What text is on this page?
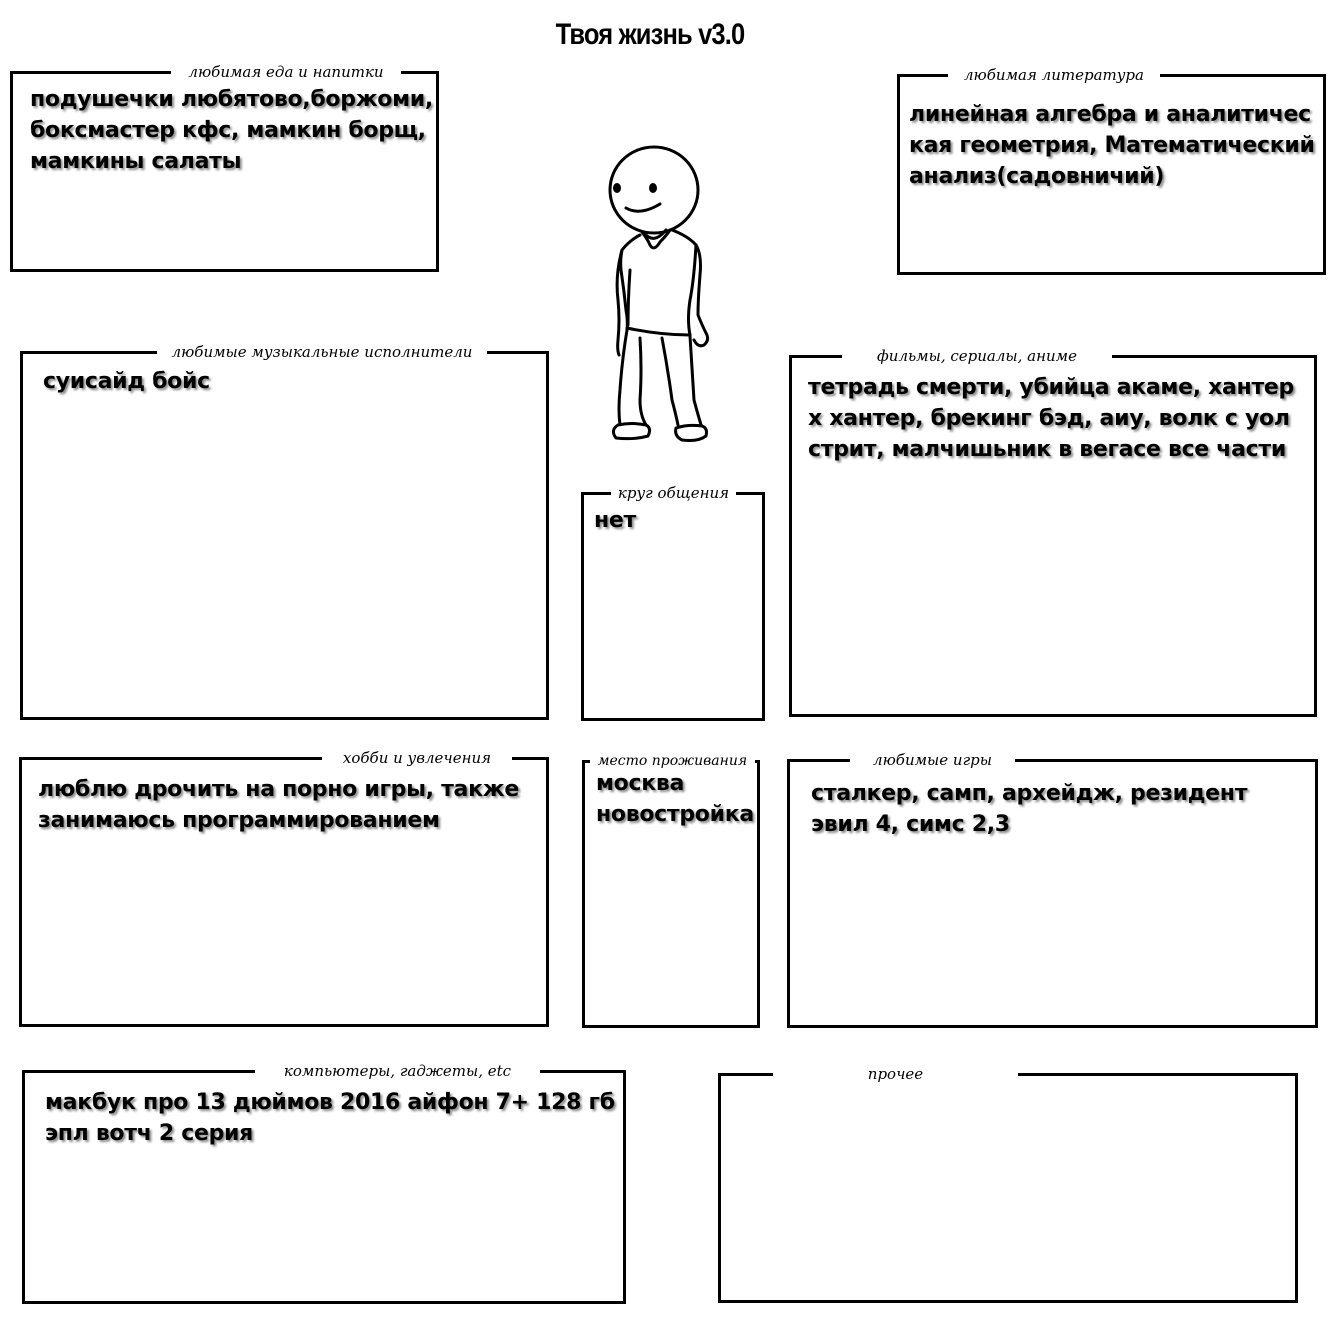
Твоя жизнь v3.0
любимая еда и напитки
подушечки любятово,боржоми,
боксмастер кфс, мамкин борщ,
мамкины салаты
любимая литература
линейная алгебра и аналитичес
кая геометрия, Математический
анализ(садовничий)
любимые музыкальные исполнители
суисайд бойс
фильмы, сериалы, аниме
тетрадь смерти, убийца акаме, хантер
х хантер, брекинг бэд, аиу, волк с уол
стрит, малчишьник в вегасе все части
круг общения
нет
хобби и увлечения
люблю дрочить на порно игры, также
занимаюсь программированием
место проживания
москва
новостройка
любимые игры
сталкер, самп, архейдж, резидент
эвил 4, симс 2,3
компьютеры, гаджеты, etc
макбук про 13 дюймов 2016 айфон 7+ 128 гб
эпл вотч 2 серия
прочее
